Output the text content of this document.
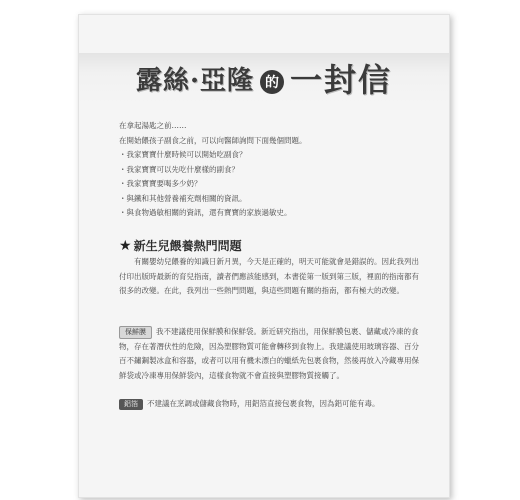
露絲·亞隆 的 一封信

在拿起湯匙之前……

在開始餵孩子副食之前，可以向醫師詢問下面幾個問題。

・ 我家寶寶什麼時候可以開始吃副食？
・ 我家寶寶可以先吃什麼樣的副食？
・ 我家寶寶要喝多少奶？
・ 與鐵和其他營養補充劑相關的資訊。
・ 與食物過敏相關的資訊，還有寶寶的家族過敏史。
★ 新生兒餵養熱門問題

有關嬰幼兒餵養的知識日新月異，今天是正確的，明天可能就會是錯誤的。因此我列出付印出版時最新的育兒指南，讀者們應該能感到，本書從第一版到第三版，裡面的指南都有很多的改變。在此，我列出一些熱門問題，與這些問題有關的指南，都有極大的改變。

保鮮膜 我不建議使用保鮮膜和保鮮袋。新近研究指出，用保鮮膜包裹、儲藏或冷凍的食物，存在著潛伏性的危險，因為塑膠物質可能會轉移到食物上。我建議使用玻璃容器、百分百不鏽鋼製冰盒和容器，或者可以用有機未漂白的蠟紙先包裹食物，然後再放入冷藏專用保鮮袋或冷凍專用保鮮袋內，這樣食物就不會直接與塑膠物質接觸了。

鋁箔 不建議在烹調或儲藏食物時，用鋁箔直接包裹食物，因為鋁可能有毒。
